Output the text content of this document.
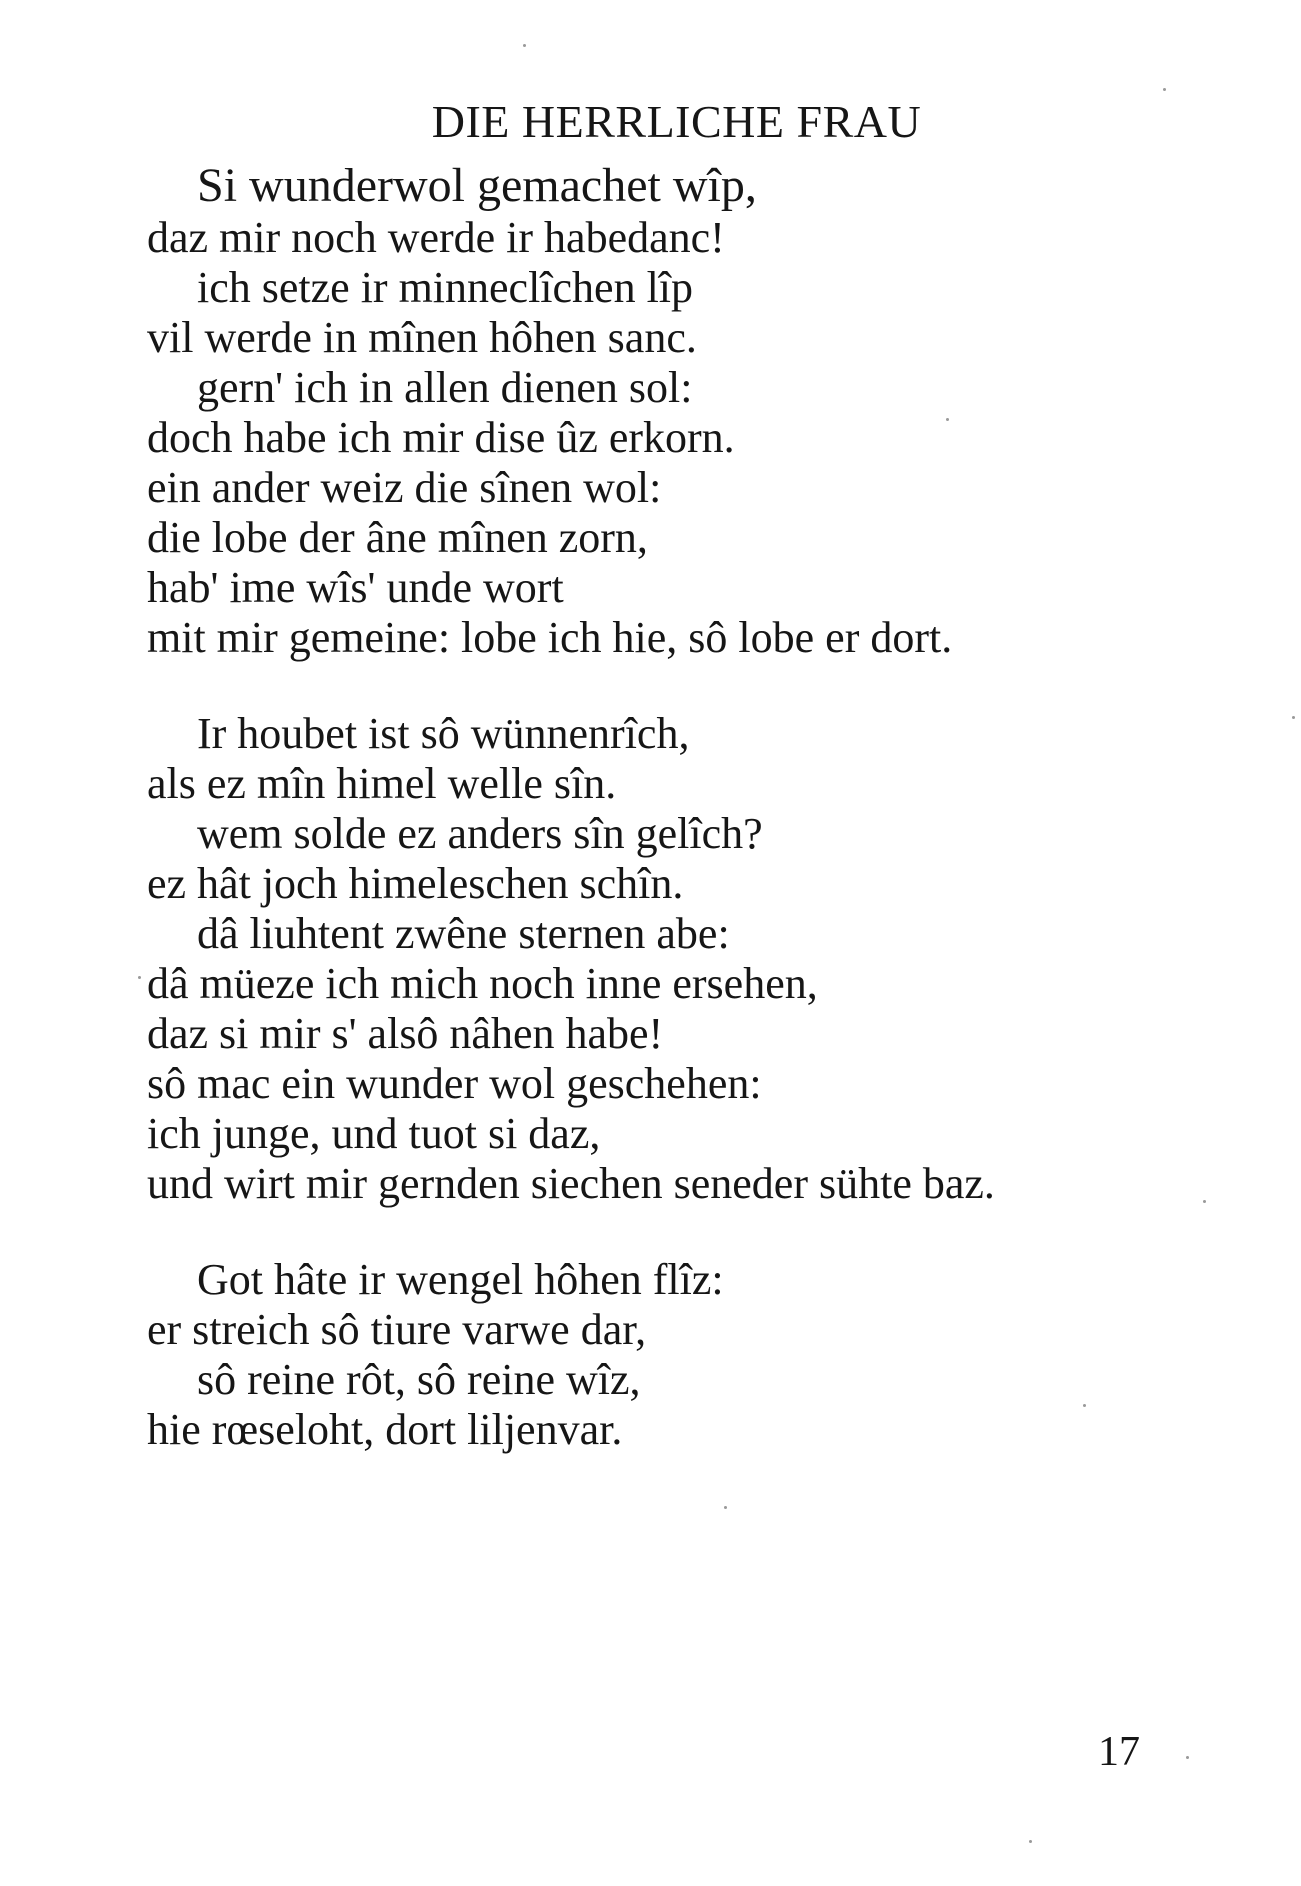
DIE HERRLICHE FRAU
Si wunderwol gemachet wîp,
daz mir noch werde ir habedanc!
ich setze ir minneclîchen lîp
vil werde in mînen hôhen sanc.
gern' ich in allen dienen sol:
doch habe ich mir dise ûz erkorn.
ein ander weiz die sînen wol:
die lobe der âne mînen zorn,
hab' ime wîs' unde wort
mit mir gemeine: lobe ich hie, sô lobe er dort.
Ir houbet ist sô wünnenrîch,
als ez mîn himel welle sîn.
wem solde ez anders sîn gelîch?
ez hât joch himeleschen schîn.
dâ liuhtent zwêne sternen abe:
dâ müeze ich mich noch inne ersehen,
daz si mir s' alsô nâhen habe!
sô mac ein wunder wol geschehen:
ich junge, und tuot si daz,
und wirt mir gernden siechen seneder sühte baz.
Got hâte ir wengel hôhen flîz:
er streich sô tiure varwe dar,
sô reine rôt, sô reine wîz,
hie rœseloht, dort liljenvar.
17
